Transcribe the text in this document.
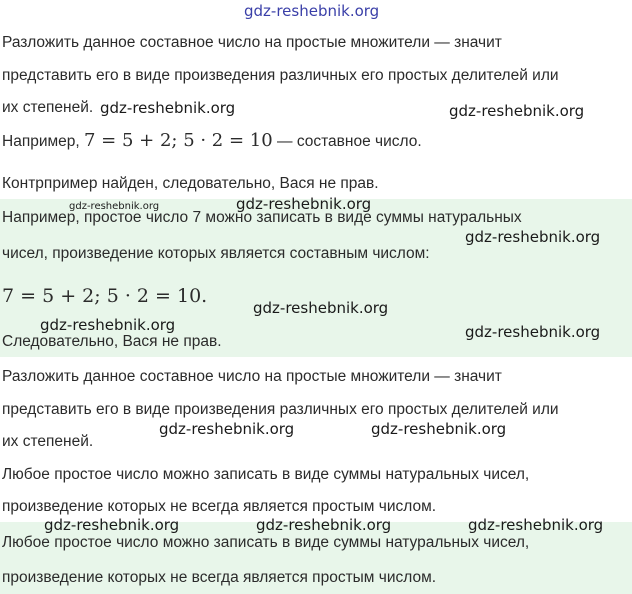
gdz-reshebnik.org
Разложить данное составное число на простые множители — значит
представить его в виде произведения различных его простых делителей или
их степеней.
Например, 7 = 5 + 2; 5 · 2 = 10 — составное число.
Контрпример найден, следовательно, Вася не прав.
Например, простое число 7 можно записать в виде суммы натуральных
чисел, произведение которых является составным числом:
7 = 5 + 2; 5 · 2 = 10.
Следовательно, Вася не прав.
Разложить данное составное число на простые множители — значит
представить его в виде произведения различных его простых делителей или
их степеней.
Любое простое число можно записать в виде суммы натуральных чисел,
произведение которых не всегда является простым числом.
Любое простое число можно записать в виде суммы натуральных чисел,
произведение которых не всегда является простым числом.
gdz-reshebnik.org	gdz-reshebnik.org
gdz-reshebnik.org	gdz-reshebnik.org
gdz-reshebnik.org
gdz-reshebnik.org
gdz-reshebnik.org	gdz-reshebnik.org
gdz-reshebnik.org	gdz-reshebnik.org
gdz-reshebnik.org	gdz-reshebnik.org	gdz-reshebnik.org
